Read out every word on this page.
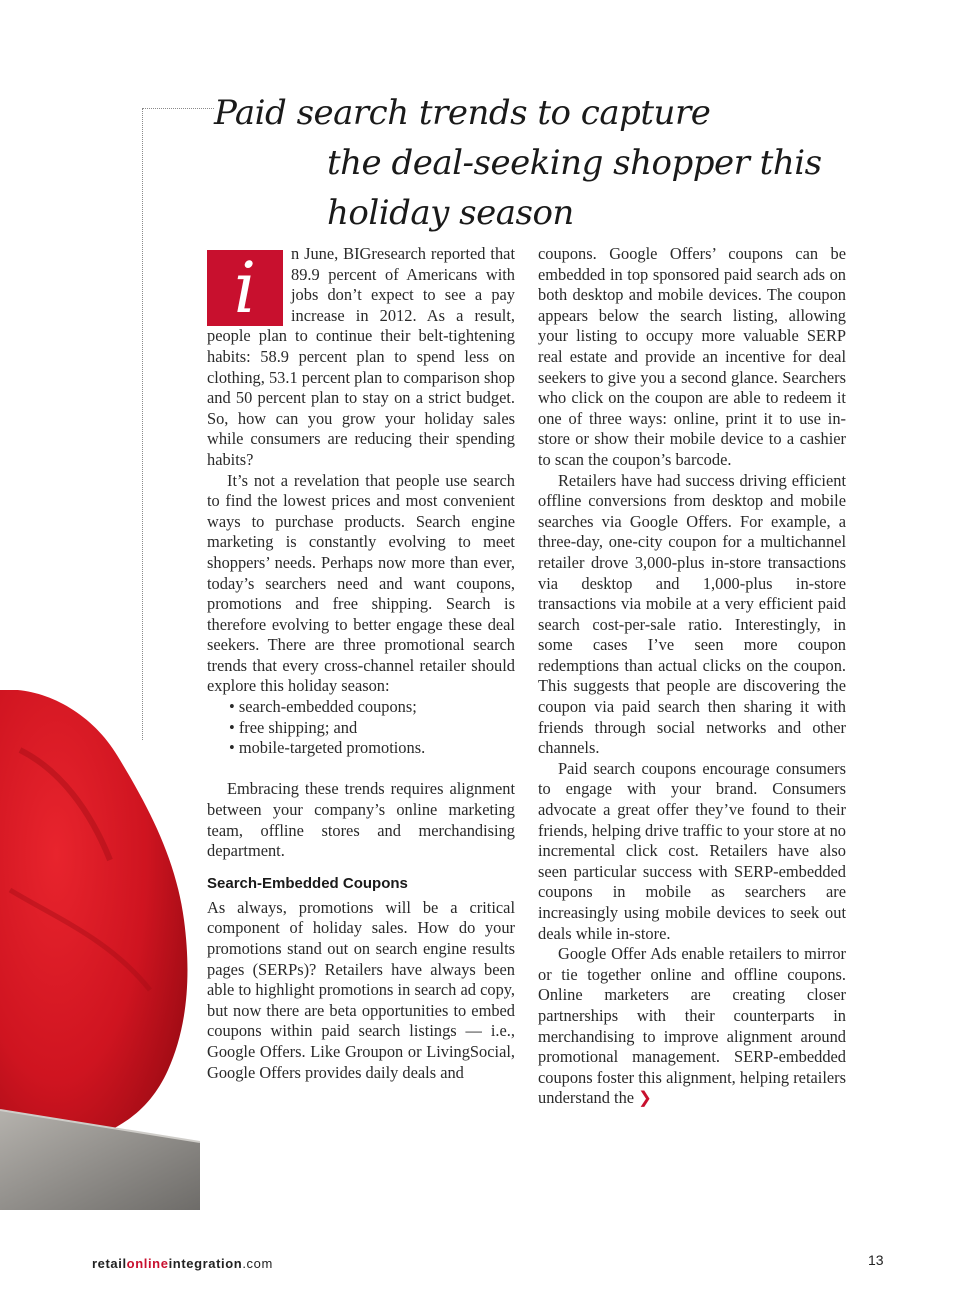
Paid search trends to capture
the deal-seeking shopper this holiday season
i	n June, BIGresearch reported that 89.9 percent of Americans with jobs don’t expect to see a pay increase in 2012. As a result, people plan to continue their belt-tightening habits: 58.9 percent plan to spend less on clothing, 53.1 percent plan to comparison shop and 50 percent plan to stay on a strict budget. So, how can you grow your holiday sales while consumers are reducing their spending habits?

It’s not a revelation that people use search to find the lowest prices and most convenient ways to purchase products. Search engine marketing is constantly evolving to meet shoppers’ needs. Perhaps now more than ever, today’s searchers need and want coupons, promotions and free shipping. Search is therefore evolving to better engage these deal seekers. There are three promotional search trends that every cross-channel retailer should explore this holiday season:

• search-embedded coupons;
• free shipping; and
• mobile-targeted promotions.

Embracing these trends requires alignment between your company’s online marketing team, offline stores and merchandising department.

Search-Embedded Coupons

As always, promotions will be a critical component of holiday sales. How do your promotions stand out on search engine results pages (SERPs)? Retailers have always been able to highlight promotions in search ad copy, but now there are beta opportunities to embed coupons within paid search listings — i.e., Google Offers. Like Groupon or LivingSocial, Google Offers provides daily deals and

coupons. Google Offers’ coupons can be embedded in top sponsored paid search ads on both desktop and mobile devices. The coupon appears below the search listing, allowing your listing to occupy more valuable SERP real estate and provide an incentive for deal seekers to give you a second glance. Searchers who click on the coupon are able to redeem it one of three ways: online, print it to use in-store or show their mobile device to a cashier to scan the coupon’s barcode.

Retailers have had success driving efficient offline conversions from desktop and mobile searches via Google Offers. For example, a three-day, one-city coupon for a multichannel retailer drove 3,000-plus in-store transactions via desktop and 1,000-plus in-store transactions via mobile at a very efficient paid search cost-per-sale ratio. Interestingly, in some cases I’ve seen more coupon redemptions than actual clicks on the coupon. This suggests that people are discovering the coupon via paid search then sharing it with friends through social networks and other channels.

Paid search coupons encourage consumers to engage with your brand. Consumers advocate a great offer they’ve found to their friends, helping drive traffic to your store at no incremental click cost. Retailers have also seen particular success with SERP-embedded coupons in mobile as searchers are increasingly using mobile devices to seek out deals while in-store.

Google Offer Ads enable retailers to mirror or tie together online and offline coupons. Online marketers are creating closer partnerships with their counterparts in merchandising to improve alignment around promotional management. SERP-embedded coupons foster this alignment, helping retailers understand the ❯

retailonlineintegration.com	13
